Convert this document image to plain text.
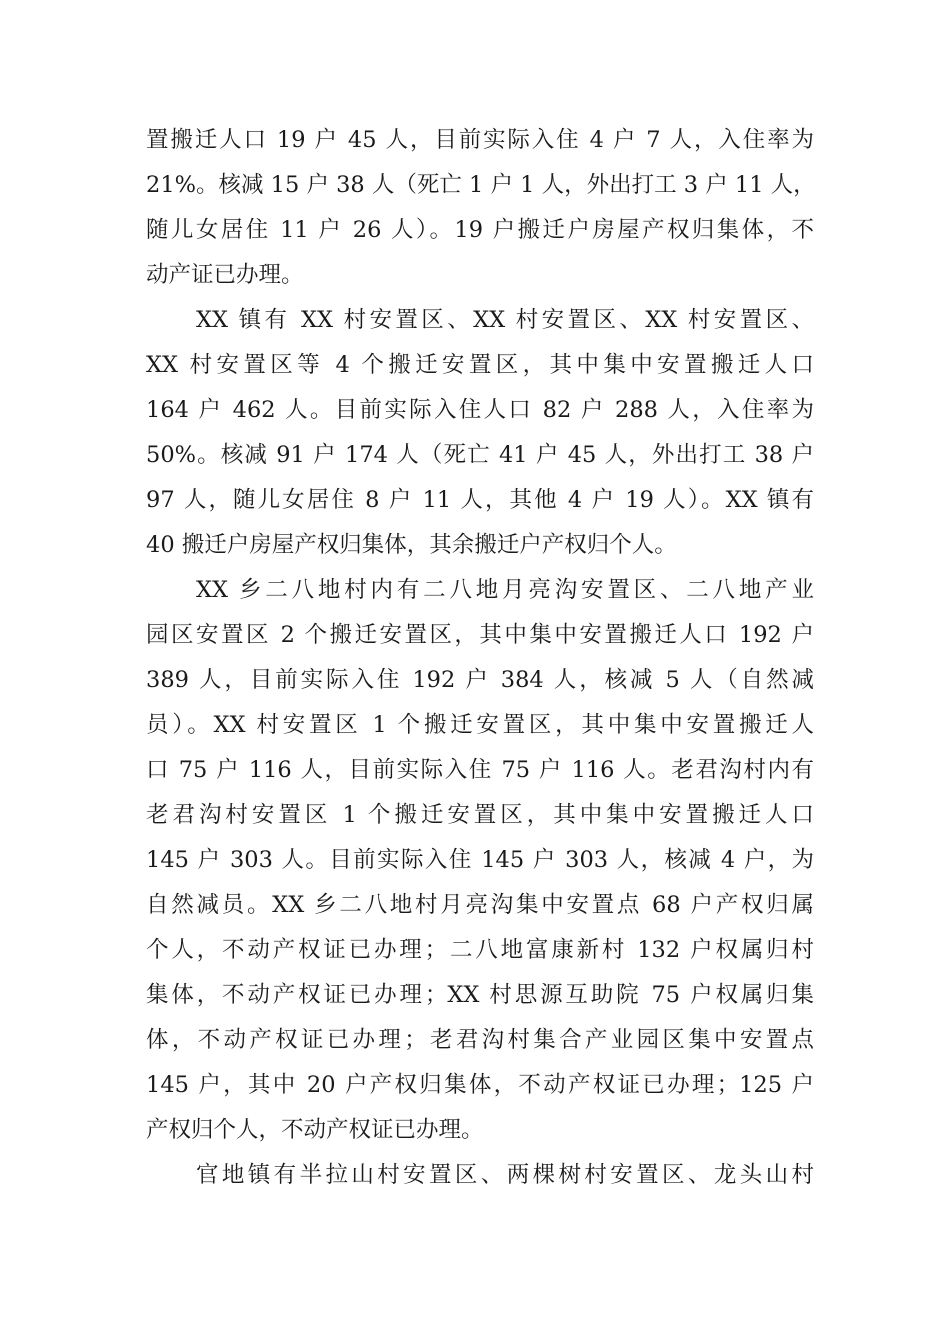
置搬迁人口 19 户 45 人，目前实际入住 4 户 7 人，入住率为
21%。核减 15 户 38 人（死亡 1 户 1 人，外出打工 3 户 11 人，
随儿女居住 11 户 26 人）。19 户搬迁户房屋产权归集体，不
动产证已办理。
XX 镇有 XX 村安置区、XX 村安置区、XX 村安置区、
XX 村安置区等 4 个搬迁安置区，其中集中安置搬迁人口
164 户 462 人。目前实际入住人口 82 户 288 人，入住率为
50%。核减 91 户 174 人（死亡 41 户 45 人，外出打工 38 户
97 人，随儿女居住 8 户 11 人，其他 4 户 19 人）。XX 镇有
40 搬迁户房屋产权归集体，其余搬迁户产权归个人。
XX 乡二八地村内有二八地月亮沟安置区、二八地产业
园区安置区 2 个搬迁安置区，其中集中安置搬迁人口 192 户
389 人，目前实际入住 192 户 384 人，核减 5 人（自然减
员）。XX 村安置区 1 个搬迁安置区，其中集中安置搬迁人
口 75 户 116 人，目前实际入住 75 户 116 人。老君沟村内有
老君沟村安置区 1 个搬迁安置区，其中集中安置搬迁人口
145 户 303 人。目前实际入住 145 户 303 人，核减 4 户，为
自然减员。XX 乡二八地村月亮沟集中安置点 68 户产权归属
个人，不动产权证已办理；二八地富康新村 132 户权属归村
集体，不动产权证已办理；XX 村思源互助院 75 户权属归集
体，不动产权证已办理；老君沟村集合产业园区集中安置点
145 户，其中 20 户产权归集体，不动产权证已办理；125 户
产权归个人，不动产权证已办理。
官地镇有半拉山村安置区、两棵树村安置区、龙头山村
